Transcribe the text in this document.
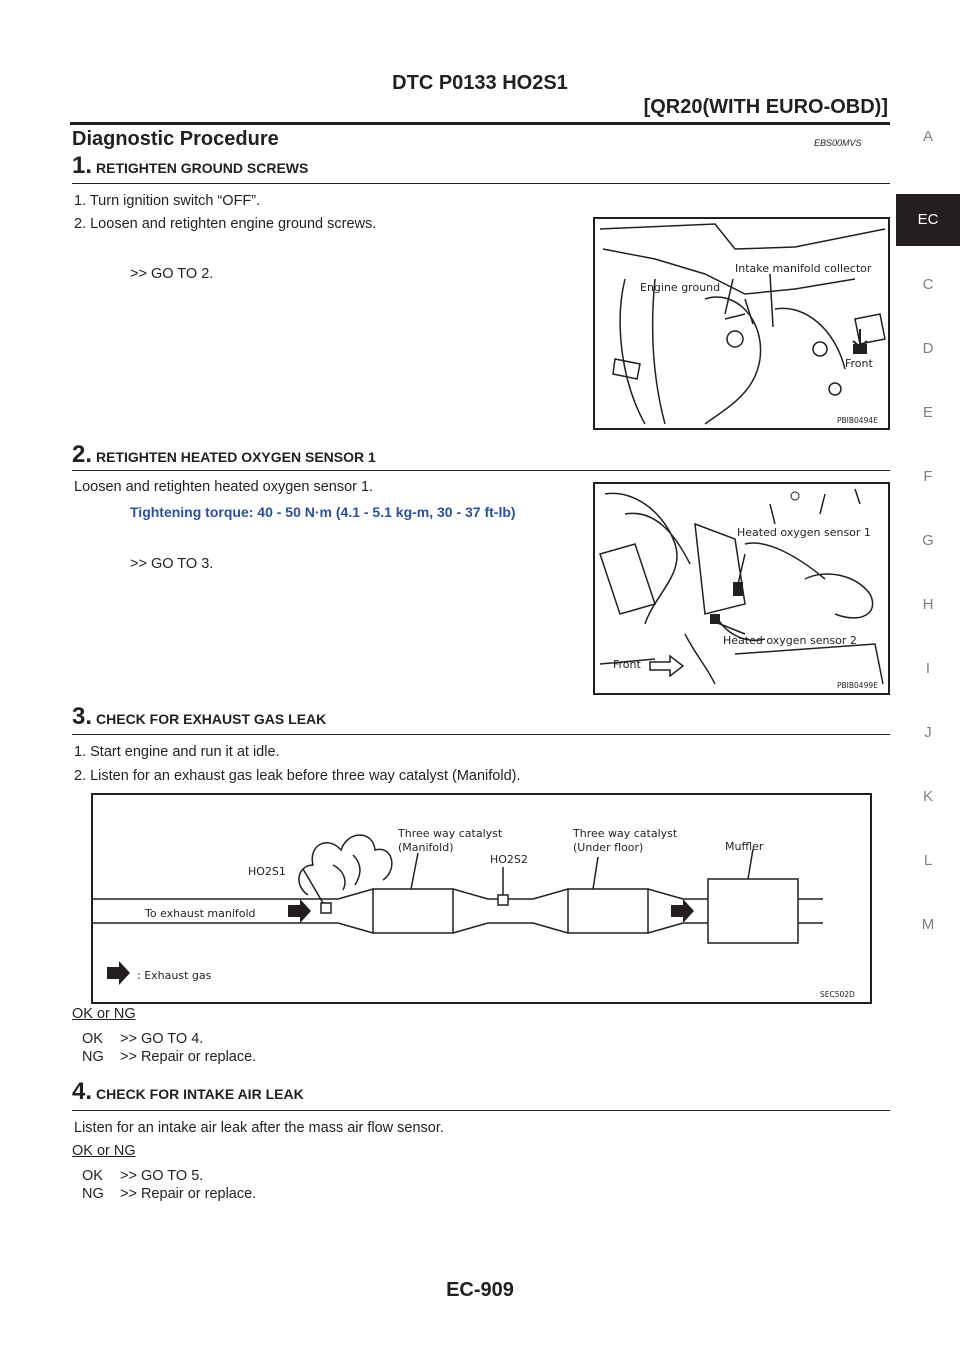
DTC P0133 HO2S1
[QR20(WITH EURO-OBD)]
Diagnostic Procedure	EBS00MVS
1. RETIGHTEN GROUND SCREWS
1. Turn ignition switch “OFF”.
2. Loosen and retighten engine ground screws.
>> GO TO 2.	Intake manifold collector
Engine ground
Front
PBIB0494E
2. RETIGHTEN HEATED OXYGEN SENSOR 1
Loosen and retighten heated oxygen sensor 1.
Tightening torque: 40 - 50 N·m (4.1 - 5.1 kg-m, 30 - 37 ft-lb)
>> GO TO 3.
Heated oxygen sensor 1
Heated oxygen sensor 2
Front
PBIB0499E
3. CHECK FOR EXHAUST GAS LEAK
1. Start engine and run it at idle.
2. Listen for an exhaust gas leak before three way catalyst (Manifold).
Three way catalyst
(Manifold)
Three way catalyst
(Under floor)	Muffler
HO2S1
HO2S2
To exhaust manifold
: Exhaust gas
SEC502D
OK or NG
OK >> GO TO 4.
NG >> Repair or replace.
4. CHECK FOR INTAKE AIR LEAK
Listen for an intake air leak after the mass air flow sensor.
OK or NG
OK >> GO TO 5.
NG >> Repair or replace.
A
EC
C
D
E
F
G
H
I
J
K
L
M
EC-909
